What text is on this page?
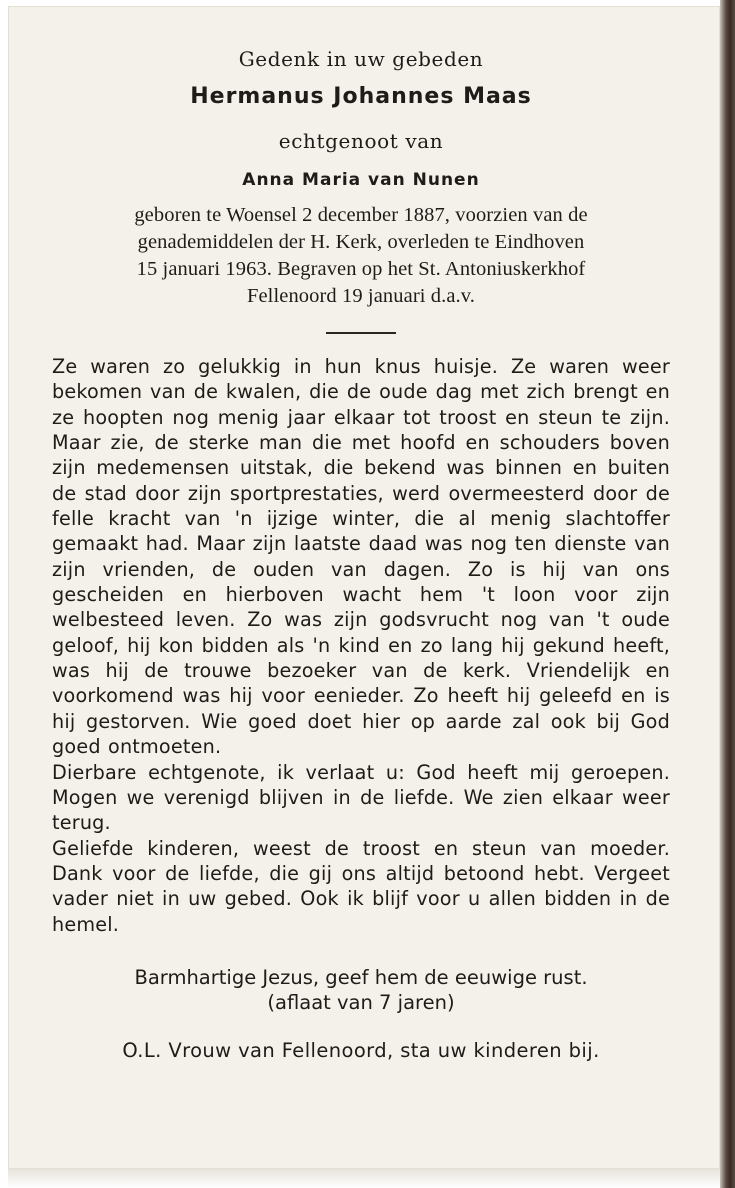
Gedenk in uw gebeden
Hermanus Johannes Maas
echtgenoot van
Anna Maria van Nunen
geboren te Woensel 2 december 1887, voorzien van de
genademiddelen der H. Kerk, overleden te Eindhoven
15 januari 1963. Begraven op het St. Antoniuskerkhof
Fellenoord 19 januari d.a.v.

Ze waren zo gelukkig in hun knus huisje. Ze waren weer bekomen van de kwalen, die de oude dag met zich brengt en ze hoopten nog menig jaar elkaar tot troost en steun te zijn. Maar zie, de sterke man die met hoofd en schouders boven zijn medemensen uitstak, die bekend was binnen en buiten de stad door zijn sportprestaties, werd overmeesterd door de felle kracht van 'n ijzige winter, die al menig slachtoffer gemaakt had. Maar zijn laatste daad was nog ten dienste van zijn vrienden, de ouden van dagen. Zo is hij van ons gescheiden en hierboven wacht hem 't loon voor zijn welbesteed leven. Zo was zijn godsvrucht nog van 't oude geloof, hij kon bidden als 'n kind en zo lang hij gekund heeft, was hij de trouwe bezoeker van de kerk. Vriendelijk en voorkomend was hij voor eenieder. Zo heeft hij geleefd en is hij gestorven. Wie goed doet hier op aarde zal ook bij God goed ontmoeten.

Dierbare echtgenote, ik verlaat u: God heeft mij geroepen. Mogen we verenigd blijven in de liefde. We zien elkaar weer terug.

Geliefde kinderen, weest de troost en steun van moeder. Dank voor de liefde, die gij ons altijd betoond hebt. Vergeet vader niet in uw gebed. Ook ik blijf voor u allen bidden in de hemel.

Barmhartige Jezus, geef hem de eeuwige rust.
(aflaat van 7 jaren)
O.L. Vrouw van Fellenoord, sta uw kinderen bij.
